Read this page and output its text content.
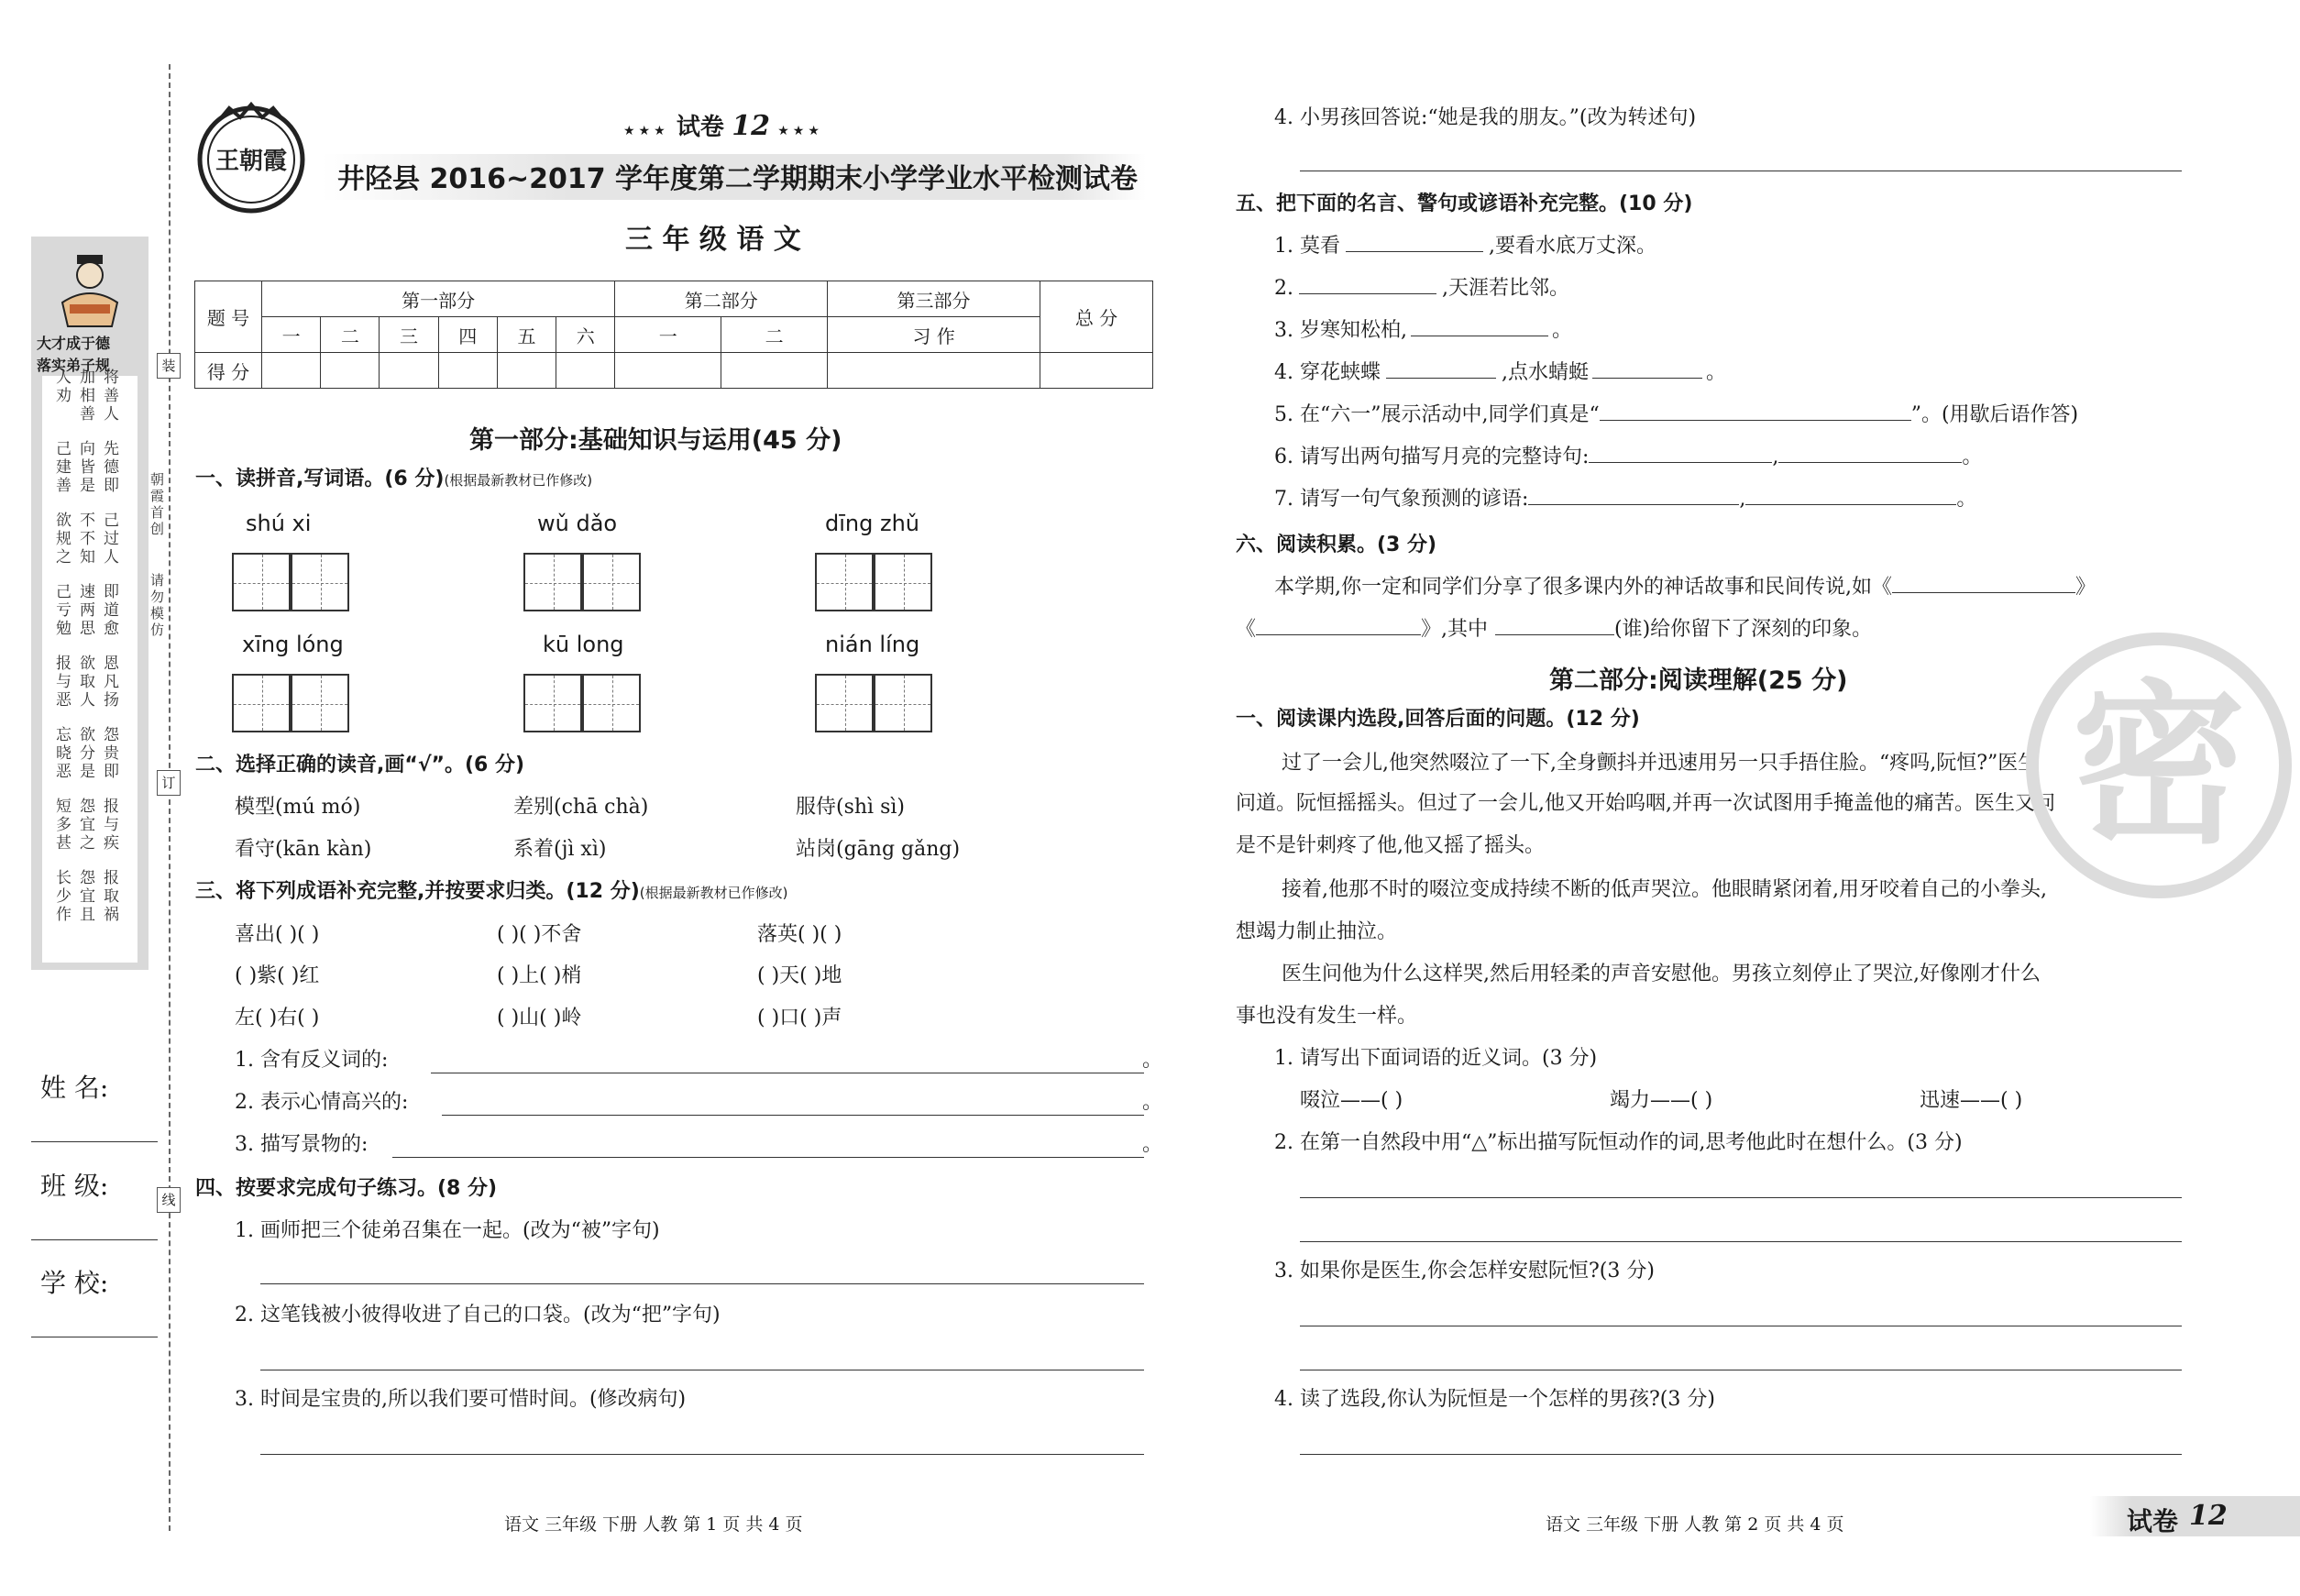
大才成于德
落实弟子规
将善人
加相善
人劝
先德即
向皆是
己建善
己过人
不不知
欲规之
即道愈
速两思
己亏勉
恩凡扬
欲取人
报与恶
怨贵即
欲分是
忘晓恶
报与疾
怨宜之
短多甚
报取祸
怨宜且
长少作
装
订
线
朝霞首创
请勿模仿
姓 名:
班 级:
学 校:
王朝霞
★★★ 试卷 12 ★★★
井陉县 2016~2017 学年度第二学期期末小学学业水平检测试卷
三 年 级 语 文
题 号	第一部分						第二部分		第三部分	总 分
	一	二	三	四	五	六	一	二	习 作	
得 分										
第一部分:基础知识与运用(45 分)
一、读拼音,写词语。(6 分)(根据最新教材已作修改)
shú xi	wǔ dǎo	dīng zhǔ
xīng lóng	kū long	nián líng
二、选择正确的读音,画“√”。(6 分)
模型(mú mó)	差别(chā chà)	服侍(shì sì)
看守(kān kàn)	系着(jì xì)	站岗(gāng gǎng)
三、将下列成语补充完整,并按要求归类。(12 分)(根据最新教材已作修改)
喜出( )( )	( )( )不舍	落英( )( )
( )紫( )红	( )上( )梢	( )天( )地
左( )右( )	( )山( )岭	( )口( )声
1. 含有反义词的:	。
2. 表示心情高兴的:	。
3. 描写景物的:	。
四、按要求完成句子练习。(8 分)
1. 画师把三个徒弟召集在一起。(改为“被”字句)
2. 这笔钱被小彼得收进了自己的口袋。(改为“把”字句)
3. 时间是宝贵的,所以我们要可惜时间。(修改病句)
语文 三年级 下册 人教 第 1 页 共 4 页
4. 小男孩回答说:“她是我的朋友。”(改为转述句)
五、把下面的名言、警句或谚语补充完整。(10 分)
1. 莫看	,要看水底万丈深。
2.	,天涯若比邻。
3. 岁寒知松柏,	。
4. 穿花蛱蝶	,点水蜻蜓	。
5. 在“六一”展示活动中,同学们真是“	”。(用歇后语作答)
6. 请写出两句描写月亮的完整诗句:	,	。
7. 请写一句气象预测的谚语:	,	。
六、阅读积累。(3 分)
本学期,你一定和同学们分享了很多课内外的神话故事和民间传说,如《	》
《	》,其中	(谁)给你留下了深刻的印象。
第二部分:阅读理解(25 分)
一、阅读课内选段,回答后面的问题。(12 分)
过了一会儿,他突然啜泣了一下,全身颤抖并迅速用另一只手捂住脸。“疼吗,阮恒?”医生
问道。阮恒摇摇头。但过了一会儿,他又开始呜咽,并再一次试图用手掩盖他的痛苦。医生又问
是不是针刺疼了他,他又摇了摇头。
接着,他那不时的啜泣变成持续不断的低声哭泣。他眼睛紧闭着,用牙咬着自己的小拳头,
想竭力制止抽泣。
医生问他为什么这样哭,然后用轻柔的声音安慰他。男孩立刻停止了哭泣,好像刚才什么
事也没有发生一样。
1. 请写出下面词语的近义词。(3 分)
啜泣——( )	竭力——( )	迅速——( )
2. 在第一自然段中用“△”标出描写阮恒动作的词,思考他此时在想什么。(3 分)
3. 如果你是医生,你会怎样安慰阮恒?(3 分)
4. 读了选段,你认为阮恒是一个怎样的男孩?(3 分)
语文 三年级 下册 人教 第 2 页 共 4 页	试卷 12
密
